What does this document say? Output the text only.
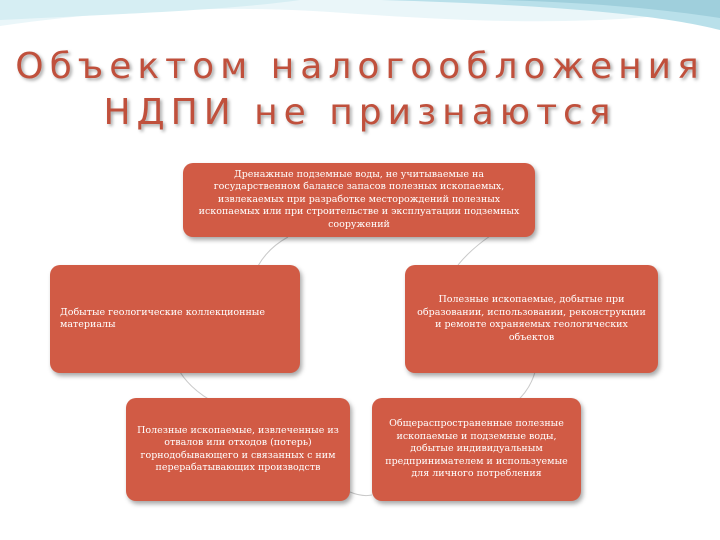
Объектом налогообложения
НДПИ не признаются
Дренажные подземные воды, не учитываемые на государственном балансе запасов полезных ископаемых, извлекаемых при разработке месторождений полезных ископаемых или при строительстве и эксплуатации подземных сооружений
Добытые геологические коллекционные материалы
Полезные ископаемые, добытые при образовании, использовании, реконструкции и ремонте охраняемых геологических объектов
Полезные ископаемые, извлеченные из отвалов или отходов (потерь) горнодобывающего и связанных с ним перерабатывающих производств
Общераспространенные полезные ископаемые и подземные воды, добытые индивидуальным предпринимателем и используемые для личного потребления
